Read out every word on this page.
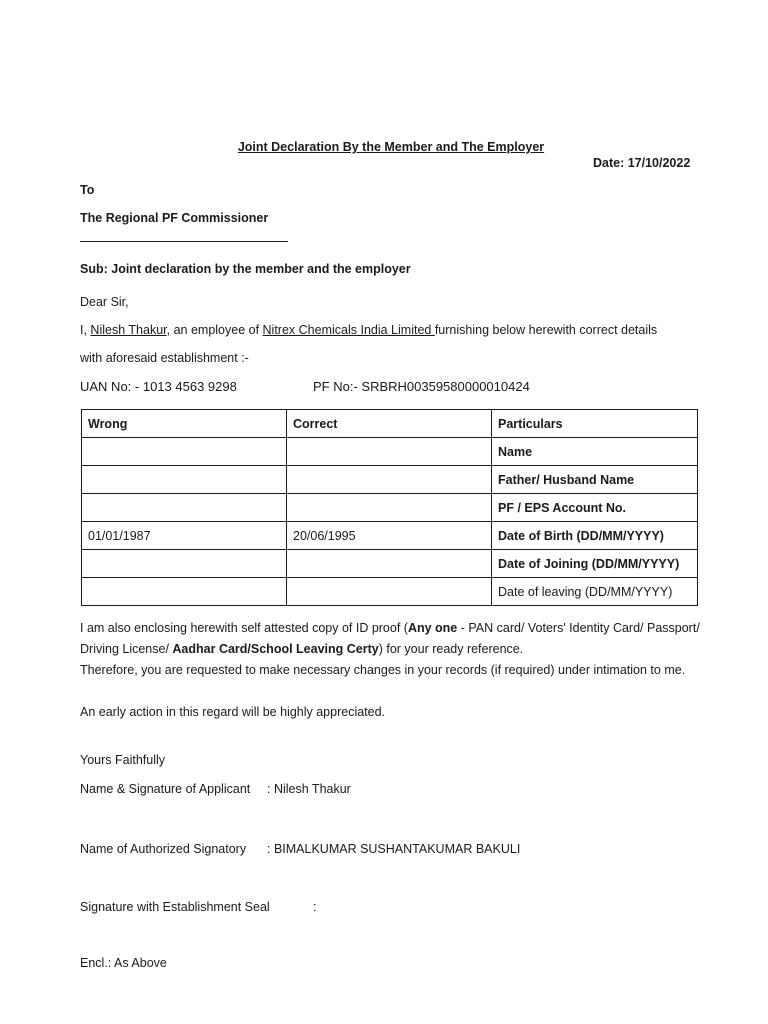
Joint Declaration By the Member and The Employer
Date: 17/10/2022
To
The Regional PF Commissioner
Sub: Joint declaration by the member and the employer
Dear Sir,
I, Nilesh Thakur, an employee of Nitrex Chemicals India Limited furnishing below herewith correct details
with aforesaid establishment :-
UAN No: - 1013 4563 9298	PF No:- SRBRH00359580000010424
Wrong	Correct	Particulars
		Name
		Father/ Husband Name
		PF / EPS Account No.
01/01/1987	20/06/1995	Date of Birth (DD/MM/YYYY)
		Date of Joining (DD/MM/YYYY)
		Date of leaving (DD/MM/YYYY)
I am also enclosing herewith self attested copy of ID proof (Any one - PAN card/ Voters' Identity Card/ Passport/ Driving License/ Aadhar Card/School Leaving Certy) for your ready reference.
Therefore, you are requested to make necessary changes in your records (if required) under intimation to me.
An early action in this regard will be highly appreciated.
Yours Faithfully
Name & Signature of Applicant : Nilesh Thakur
Name of Authorized Signatory : BIMALKUMAR SUSHANTAKUMAR BAKULI
Signature with Establishment Seal	:
Encl.: As Above
